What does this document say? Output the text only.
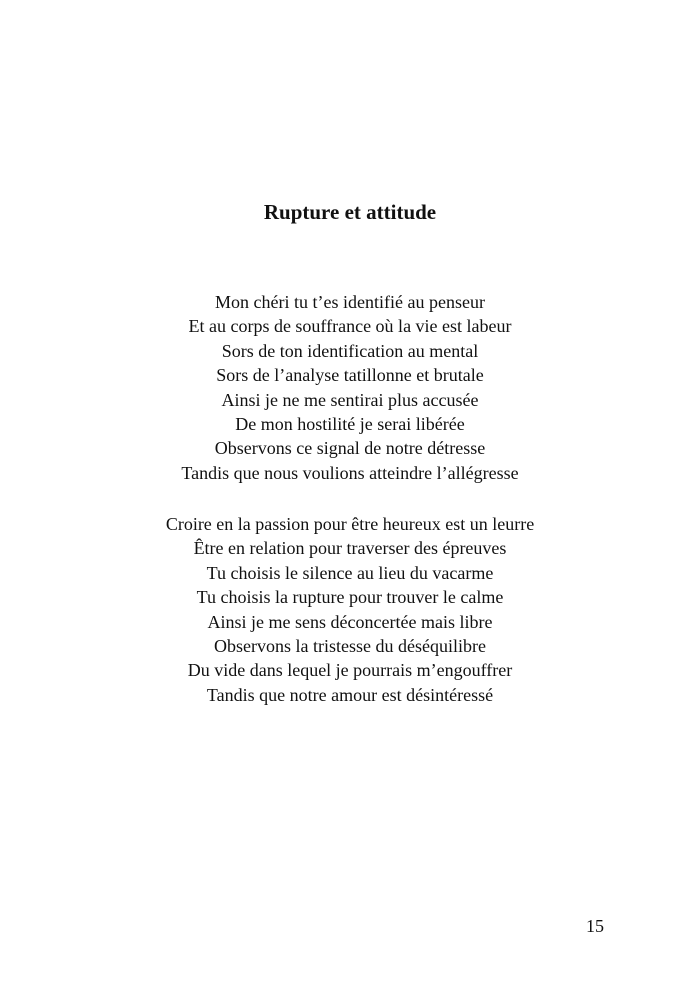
Rupture et attitude
Mon chéri tu t’es identifié au penseur
Et au corps de souffrance où la vie est labeur
Sors de ton identification au mental
Sors de l’analyse tatillonne et brutale
Ainsi je ne me sentirai plus accusée
De mon hostilité je serai libérée
Observons ce signal de notre détresse
Tandis que nous voulions atteindre l’allégresse
Croire en la passion pour être heureux est un leurre
Être en relation pour traverser des épreuves
Tu choisis le silence au lieu du vacarme
Tu choisis la rupture pour trouver le calme
Ainsi je me sens déconcertée mais libre
Observons la tristesse du déséquilibre
Du vide dans lequel je pourrais m’engouffrer
Tandis que notre amour est désintéressé
15
